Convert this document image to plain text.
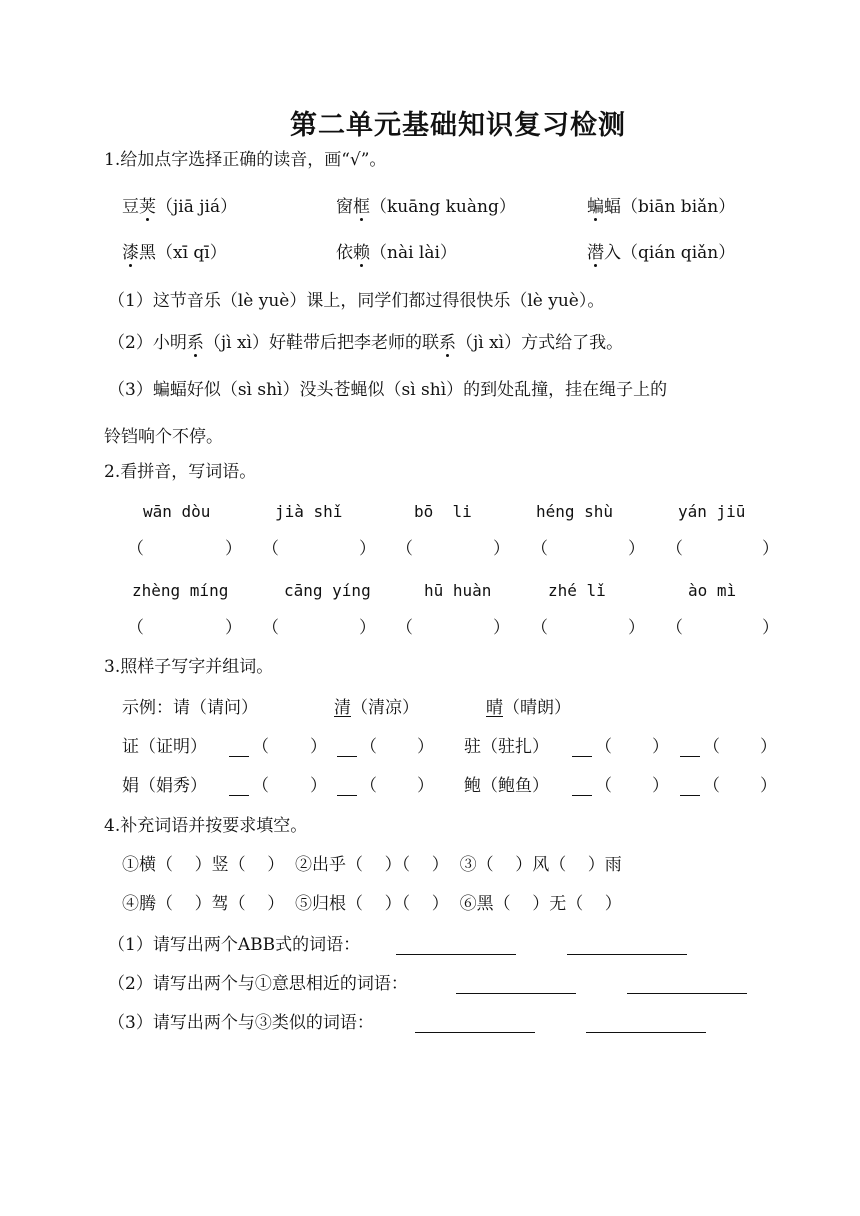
第二单元基础知识复习检测
1.给加点字选择正确的读音，画“√”。
豆荚（jiā jiá）	窗框（kuāng kuàng）	蝙蝠（biān biǎn）
漆黑（xī qī）	依赖（nài lài）	潜入（qián qiǎn）
（1）这节音乐（lè yuè）课上，同学们都过得很快乐（lè yuè）。
（2）小明系（jì xì）好鞋带后把李老师的联系（jì xì）方式给了我。
（3）蝙蝠好似（sì shì）没头苍蝇似（sì shì）的到处乱撞，挂在绳子上的
铃铛响个不停。
2.看拼音，写词语。
wān dòu	jià shǐ	bō  li	héng shù	yán jiū
（	） （	） （	） （	） （	）
zhèng míng	cāng yíng	hū huàn	zhé lǐ	ào mì
（	） （	） （	） （	） （	）
3.照样子写字并组词。
示例：请（请问）	清（清凉）	晴（晴朗）
证（证明）	（ ） （ ） 驻（驻扎）	（ ） （ ）
娟（娟秀）	（ ） （ ） 鲍（鲍鱼）	（ ） （ ）
4.补充词语并按要求填空。
①横（    ）竖（    ）  ②出乎（    ）（    ）  ③（    ）风（    ）雨
④腾（    ）驾（    ）  ⑤归根（    ）（    ）  ⑥黑（    ）无（    ）
（1）请写出两个ABB式的词语：
（2）请写出两个与①意思相近的词语：
（3）请写出两个与③类似的词语：
